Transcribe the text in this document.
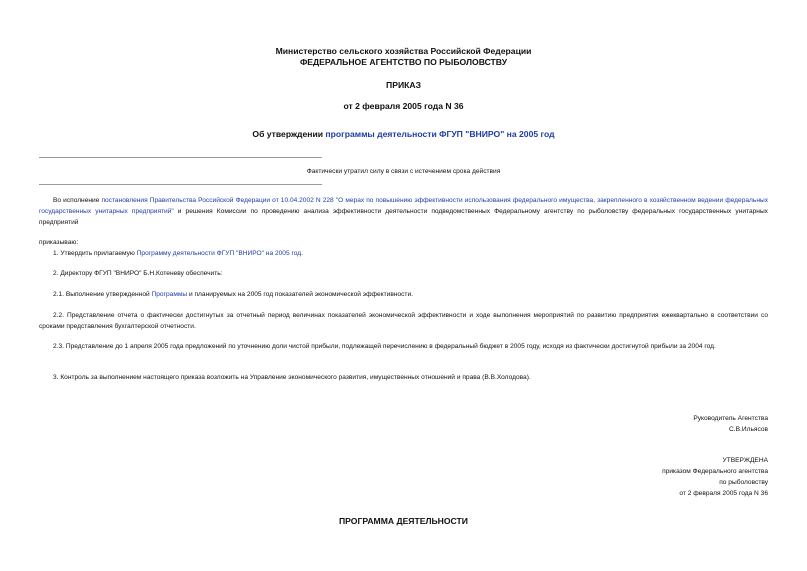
Министерство сельского хозяйства Российской Федерации
ФЕДЕРАЛЬНОЕ АГЕНТСТВО ПО РЫБОЛОВСТВУ
ПРИКАЗ
от 2 февраля 2005 года N 36
Об утверждении программы деятельности ФГУП "ВНИРО" на 2005 год
Фактически утратил силу в связи с истечением срока действия
Во исполнение постановления Правительства Российской Федерации от 10.04.2002 N 228 "О мерах по повышению эффективности использования федерального имущества, закрепленного в хозяйственном ведении федеральных государственных унитарных предприятий" и решения Комиссии по проведению анализа эффективности деятельности подведомственных Федеральному агентству по рыболовству федеральных государственных унитарных предприятий
приказываю:
1. Утвердить прилагаемую Программу деятельности ФГУП "ВНИРО" на 2005 год.
2. Директору ФГУП "ВНИРО" Б.Н.Котеневу обеспечить:
2.1. Выполнение утвержденной Программы и планируемых на 2005 год показателей экономической эффективности.
2.2. Представление отчета о фактически достигнутых за отчетный период величинах показателей экономической эффективности и ходе выполнения мероприятий по развитию предприятия ежеквартально в соответствии со сроками представления бухгалтерской отчетности.
2.3. Представление до 1 апреля 2005 года предложений по уточнению доли чистой прибыли, подлежащей перечислению в федеральный бюджет в 2005 году, исходя из фактически достигнутой прибыли за 2004 год.
3. Контроль за выполнением настоящего приказа возложить на Управление экономического развития, имущественных отношений и права (В.В.Холодова).
Руководитель Агентства
С.В.Ильясов
УТВЕРЖДЕНА
приказом Федерального агентства
по рыболовству
от 2 февраля 2005 года N 36
ПРОГРАММА ДЕЯТЕЛЬНОСТИ
